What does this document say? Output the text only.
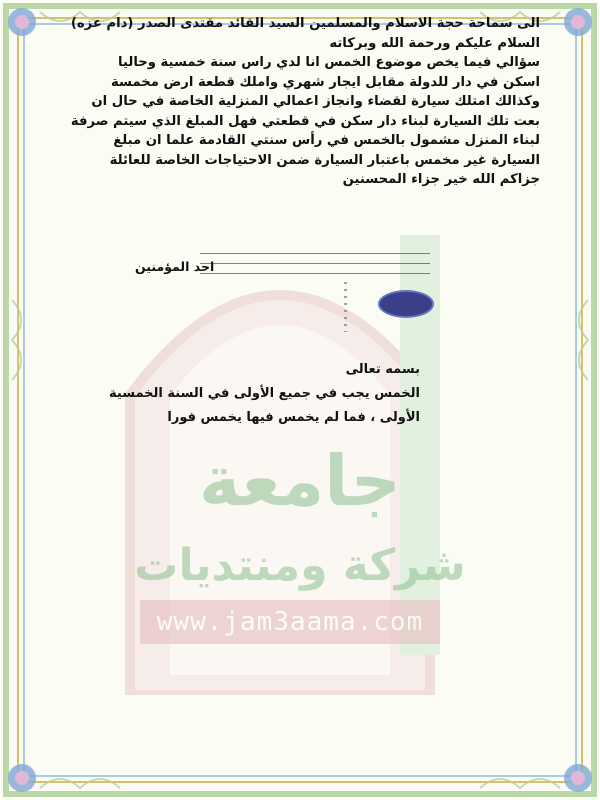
جامعة
شركة ومنتديات
www.jam3aama.com
الى سماحة حجة الاسلام والمسلمين السيد القائد مقتدى الصدر (دام عزه)
السلام عليكم ورحمة الله وبركاته
سؤالي فيما يخص موضوع الخمس انا لدي راس سنة خمسية وحاليا
اسكن في دار للدولة مقابل ايجار شهري واملك قطعة ارض مخمسة
وكذالك امتلك سيارة لقضاء وانجاز اعمالي المنزلية الخاصة في حال ان
بعت تلك السيارة لبناء دار سكن في قطعتي فهل المبلغ الذي سيتم صرفة
لبناء المنزل مشمول بالخمس في رأس سنتي القادمة علما ان مبلغ
السيارة غير مخمس باعتبار السيارة ضمن الاحتياجات الخاصة للعائلة
جزاكم الله خير جزاء المحسنين
احد المؤمنين
بسمه تعالى
الخمس يجب في جميع الأولى في السنة الخمسية
الأولى ، فما لم يخمس فيها يخمس فورا
